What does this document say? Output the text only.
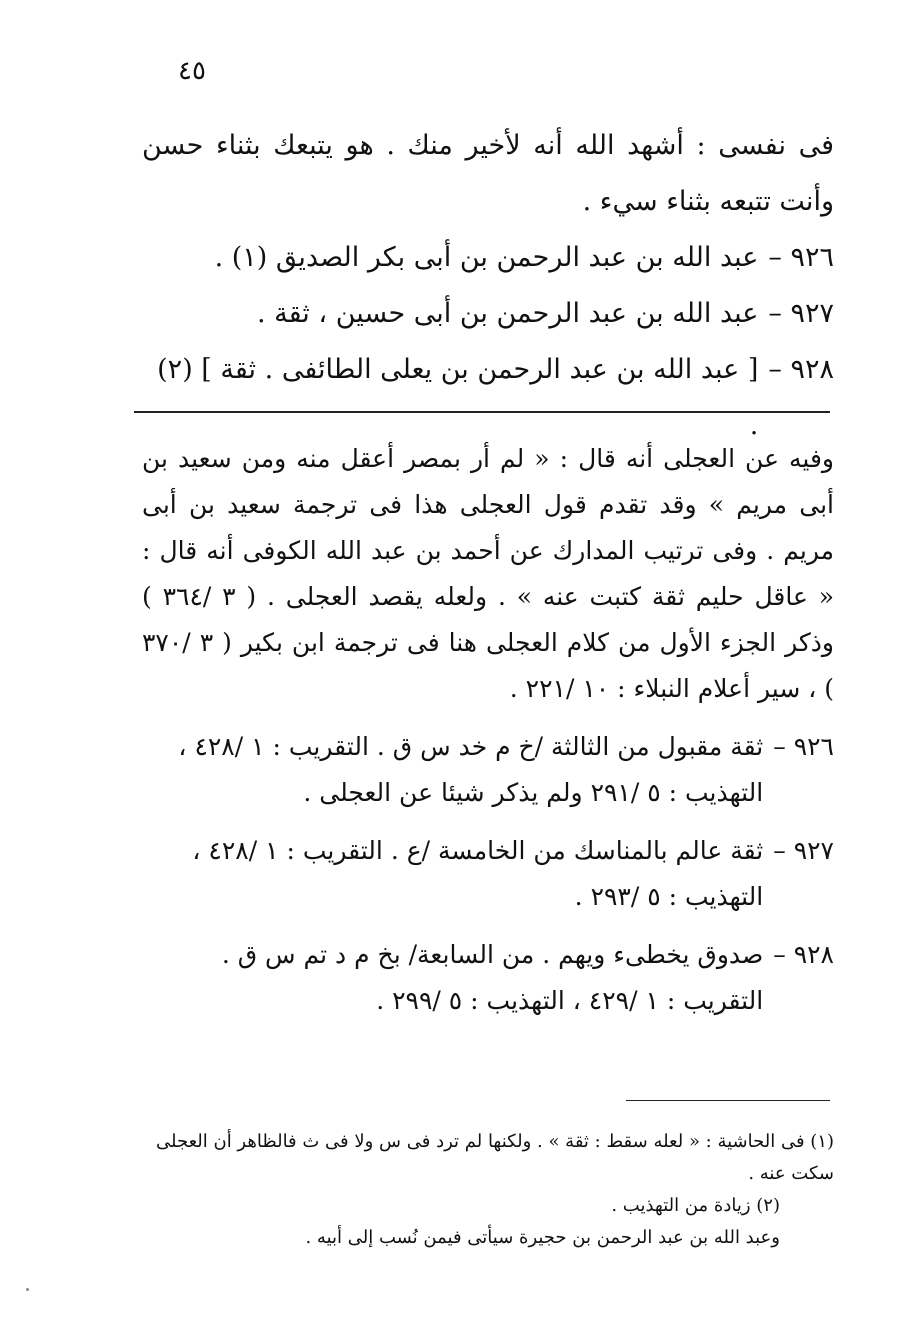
٤٥
فى نفسى : أشهد الله أنه لأخير منك . هو يتبعك بثناء حسن وأنت تتبعه بثناء سيء .
٩٢٦ –
عبد الله بن عبد الرحمن بن أبى بكر الصديق (١) .
٩٢٧ –
عبد الله بن عبد الرحمن بن أبى حسين ، ثقة .
٩٢٨ –
[ عبد الله بن عبد الرحمن بن يعلى الطائفى . ثقة ] (٢) .
وفيه عن العجلى أنه قال : « لم أر بمصر أعقل منه ومن سعيد بن أبى مريم » وقد تقدم قول العجلى هذا فى ترجمة سعيد بن أبى مريم . وفى ترتيب المدارك عن أحمد بن عبد الله الكوفى أنه قال : « عاقل حليم ثقة كتبت عنه » . ولعله يقصد العجلى . ( ٣ /٣٦٤ ) وذكر الجزء الأول من كلام العجلى هنا فى ترجمة ابن بكير ( ٣ /٣٧٠ ) ، سير أعلام النبلاء : ١٠ /٢٢١ .
٩٢٦ –
ثقة مقبول من الثالثة /خ م خد س ق . التقريب : ١ /٤٢٨ ، التهذيب : ٥ /٢٩١ ولم يذكر شيئا عن العجلى .
٩٢٧ –
ثقة عالم بالمناسك من الخامسة /ع . التقريب : ١ /٤٢٨ ، التهذيب : ٥ /٢٩٣ .
٩٢٨ –
صدوق يخطىء ويهم . من السابعة/ بخ م د تم س ق . التقريب : ١ /٤٢٩ ، التهذيب : ٥ /٢٩٩ .

(١) فى الحاشية : « لعله سقط : ثقة » . ولكنها لم ترد فى س ولا فى ث فالظاهر أن العجلى سكت عنه .

(٢) زيادة من التهذيب .

وعبد الله بن عبد الرحمن بن حجيرة سيأتى فيمن نُسب إلى أبيه .
